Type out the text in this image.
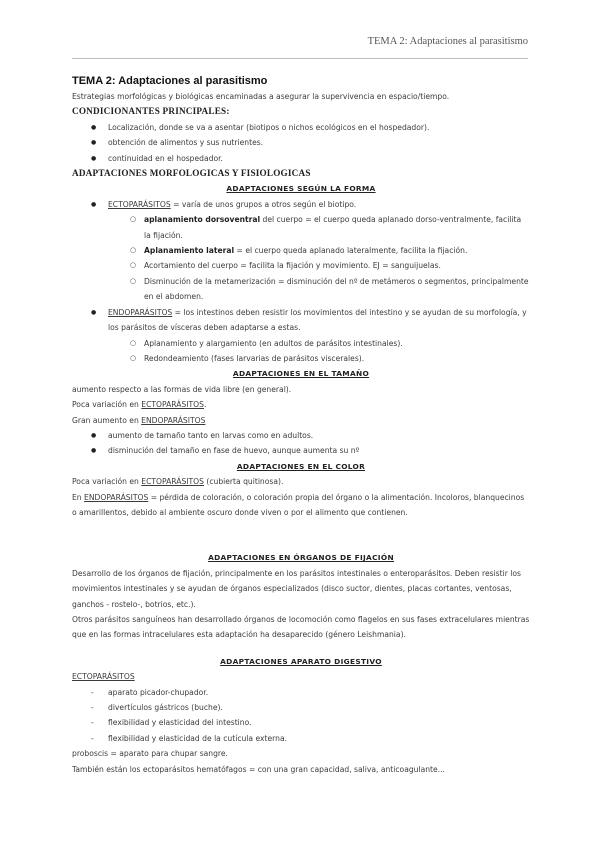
TEMA 2: Adaptaciones al parasitismo
TEMA 2: Adaptaciones al parasitismo
Estrategias morfológicas y biológicas encaminadas a asegurar la supervivencia en espacio/tiempo.
CONDICIONANTES PRINCIPALES:
● Localización, donde se va a asentar (biotipos o nichos ecológicos en el hospedador).
● obtención de alimentos y sus nutrientes.
● continuidad en el hospedador.
ADAPTACIONES MORFOLOGICAS Y FISIOLOGICAS
ADAPTACIONES SEGÚN LA FORMA
● ECTOPARÁSITOS = varía de unos grupos a otros según el biotipo.
○ aplanamiento dorsoventral del cuerpo = el cuerpo queda aplanado dorso-ventralmente, facilita la fijación.
○ Aplanamiento lateral = el cuerpo queda aplanado lateralmente, facilita la fijación.
○ Acortamiento del cuerpo = facilita la fijación y movimiento. EJ = sanguijuelas.
○ Disminución de la metamerización = disminución del nº de metámeros o segmentos, principalmente en el abdomen.
● ENDOPARÁSITOS = los intestinos deben resistir los movimientos del intestino y se ayudan de su morfología, y los parásitos de vísceras deben adaptarse a estas.
○ Aplanamiento y alargamiento (en adultos de parásitos intestinales).
○ Redondeamiento (fases larvarias de parásitos viscerales).
ADAPTACIONES EN EL TAMAÑO
aumento respecto a las formas de vida libre (en general).
Poca variación en ECTOPARÁSITOS.
Gran aumento en ENDOPARÁSITOS
● aumento de tamaño tanto en larvas como en adultos.
● disminución del tamaño en fase de huevo, aunque aumenta su nº
ADAPTACIONES EN EL COLOR
Poca variación en ECTOPARÁSITOS (cubierta quitinosa).
En ENDOPARÁSITOS = pérdida de coloración, o coloración propia del órgano o la alimentación. Incoloros, blanquecinos o amarillentos, debido al ambiente oscuro donde viven o por el alimento que contienen.
ADAPTACIONES EN ÓRGANOS DE FIJACIÓN
Desarrollo de los órganos de fijación, principalmente en los parásitos intestinales o enteroparásitos. Deben resistir los movimientos intestinales y se ayudan de órganos especializados (disco suctor, dientes, placas cortantes, ventosas, ganchos - rostelo-, botrios, etc.).
Otros parásitos sanguíneos han desarrollado órganos de locomoción como flagelos en sus fases extracelulares mientras que en las formas intracelulares esta adaptación ha desaparecido (género Leishmania).
ADAPTACIONES APARATO DIGESTIVO
ECTOPARÁSITOS
- aparato picador-chupador.
- divertículos gástricos (buche).
- flexibilidad y elasticidad del intestino.
- flexibilidad y elasticidad de la cutícula externa.
proboscis = aparato para chupar sangre.
También están los ectoparásitos hematófagos = con una gran capacidad, saliva, anticoagulante...
